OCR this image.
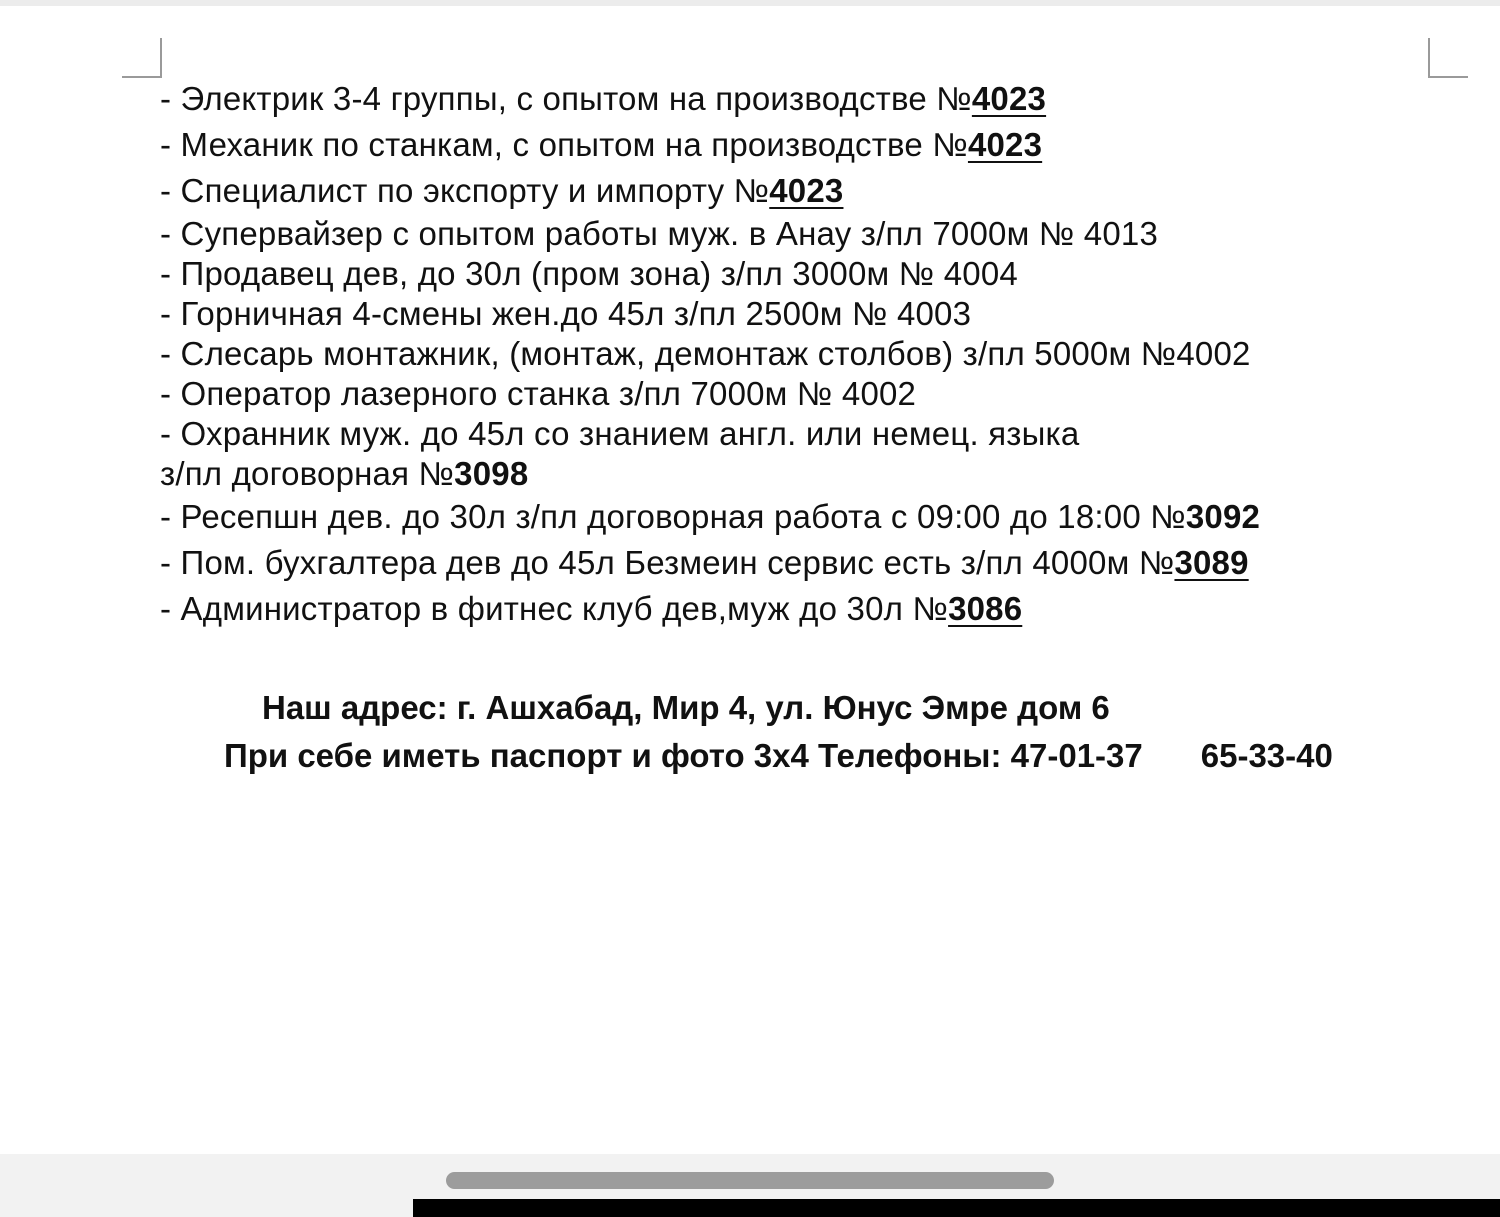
- Электрик 3-4 группы, с опытом на производстве №4023
- Механик по станкам, с опытом на производстве №4023
- Специалист по экспорту и импорту №4023
- Супервайзер с опытом работы муж. в Анау з/пл 7000м № 4013
- Продавец дев, до 30л (пром зона) з/пл 3000м № 4004
- Горничная 4-смены жен.до 45л з/пл 2500м № 4003
- Слесарь монтажник, (монтаж, демонтаж столбов) з/пл 5000м №4002
- Оператор лазерного станка з/пл 7000м № 4002
- Охранник муж. до 45л со знанием англ. или немец. языка
з/пл договорная №3098
- Ресепшн дев. до 30л з/пл договорная работа с 09:00 до 18:00 №3092
- Пом. бухгалтера дев до 45л Безмеин сервис есть з/пл 4000м №3089
- Администратор в фитнес клуб дев,муж до 30л №3086
Наш адрес: г. Ашхабад, Мир 4, ул. Юнус Эмре дом 6
При себе иметь паспорт и фото 3х4 Телефоны: 47-01-37 65-33-40
